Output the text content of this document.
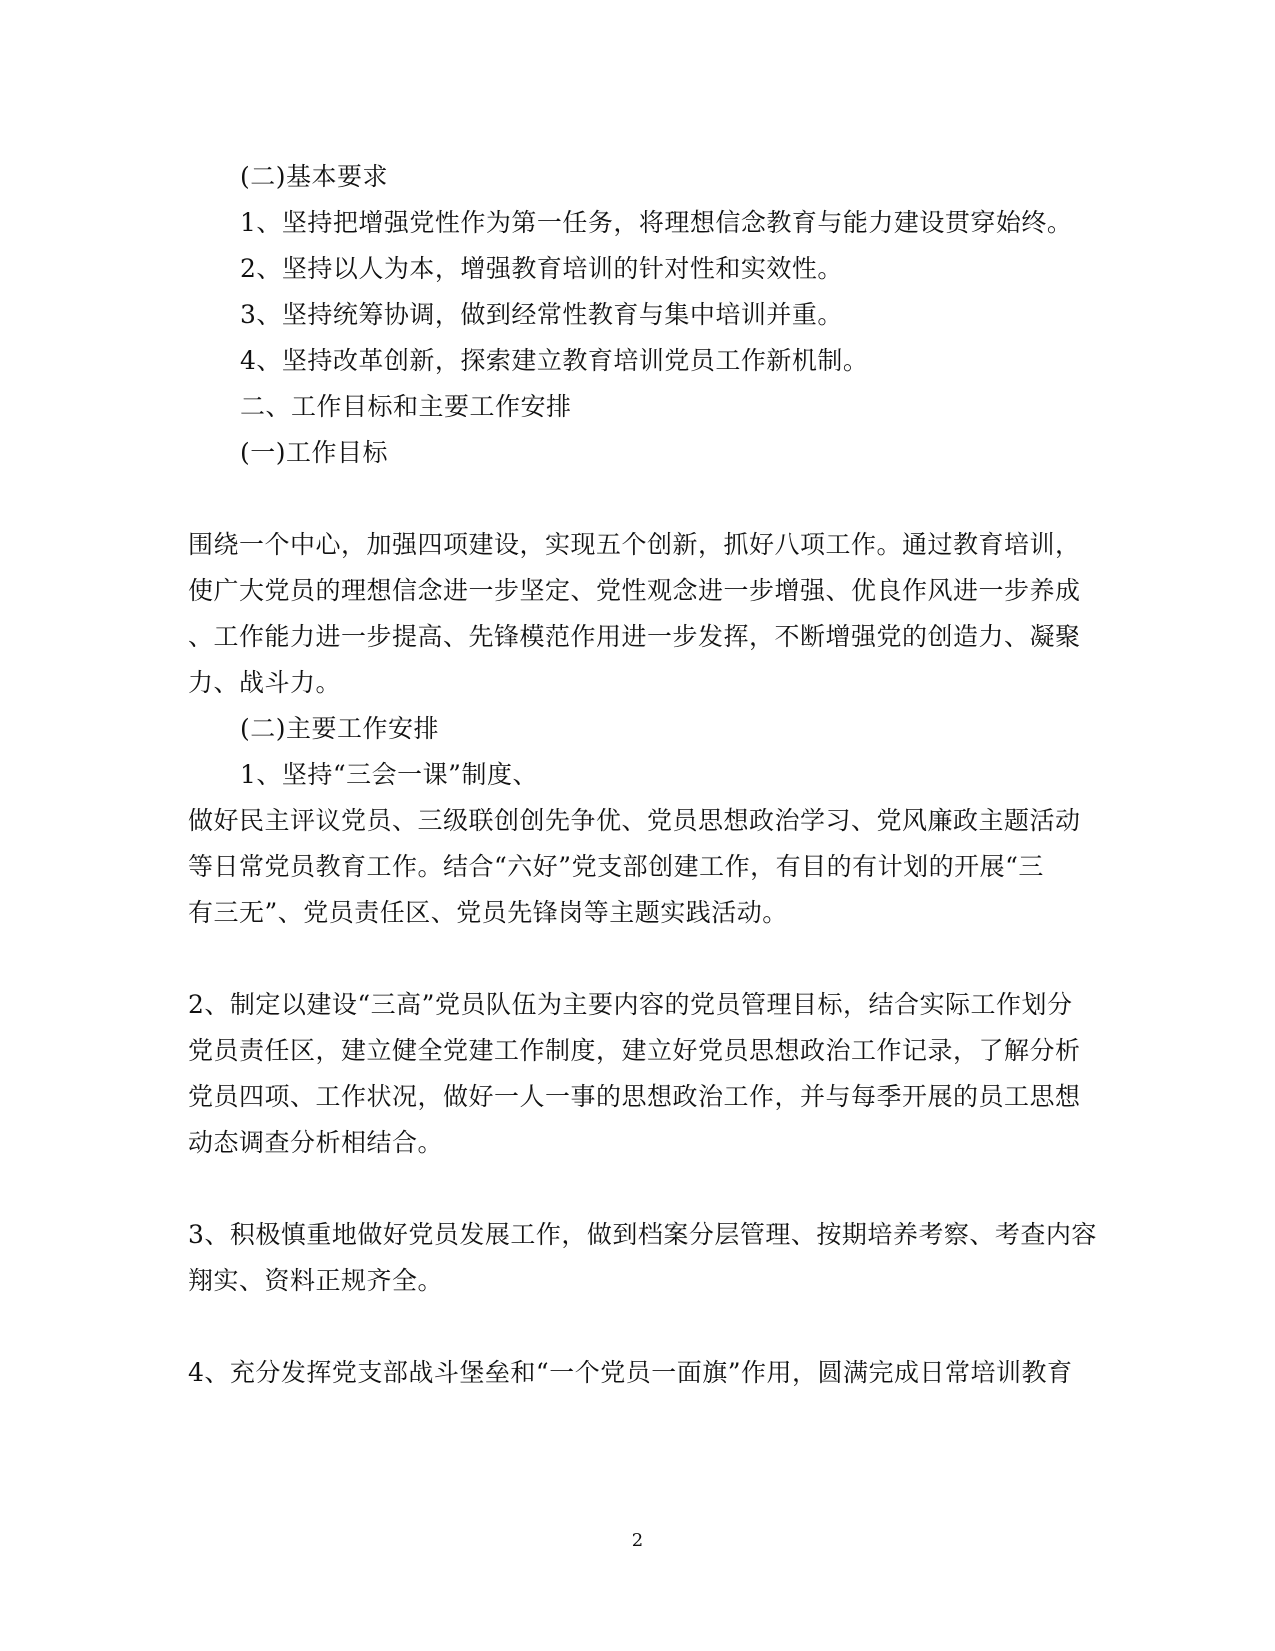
(二)基本要求
1、坚持把增强党性作为第一任务，将理想信念教育与能力建设贯穿始终。
2、坚持以人为本，增强教育培训的针对性和实效性。
3、坚持统筹协调，做到经常性教育与集中培训并重。
4、坚持改革创新，探索建立教育培训党员工作新机制。
二、工作目标和主要工作安排
(一)工作目标
围绕一个中心，加强四项建设，实现五个创新，抓好八项工作。通过教育培训，
使广大党员的理想信念进一步坚定、党性观念进一步增强、优良作风进一步养成
、工作能力进一步提高、先锋模范作用进一步发挥，不断增强党的创造力、凝聚
力、战斗力。
(二)主要工作安排
1、坚持“三会一课”制度、
做好民主评议党员、三级联创创先争优、党员思想政治学习、党风廉政主题活动
等日常党员教育工作。结合“六好”党支部创建工作，有目的有计划的开展“三
有三无”、党员责任区、党员先锋岗等主题实践活动。
2、制定以建设“三高”党员队伍为主要内容的党员管理目标，结合实际工作划分
党员责任区，建立健全党建工作制度，建立好党员思想政治工作记录，了解分析
党员四项、工作状况，做好一人一事的思想政治工作，并与每季开展的员工思想
动态调查分析相结合。
3、积极慎重地做好党员发展工作，做到档案分层管理、按期培养考察、考查内容
翔实、资料正规齐全。
4、充分发挥党支部战斗堡垒和“一个党员一面旗”作用，圆满完成日常培训教育
2
